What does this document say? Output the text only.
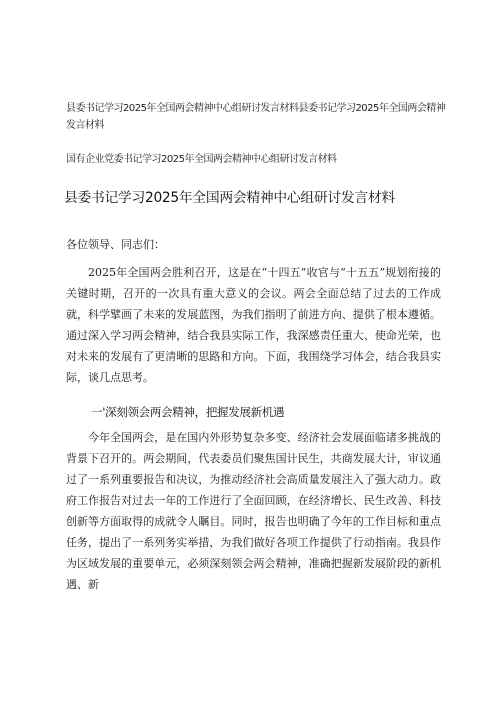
县委书记学习2025年全国两会精神中心组研讨发言材料县委书记学习2025年全国两会精神发言材料
国有企业党委书记学习2025年全国两会精神中心组研讨发言材料
县委书记学习2025年全国两会精神中心组研讨发言材料
各位领导、同志们：

2025年全国两会胜利召开，这是在“十四五”收官与“十五五”规划衔接的关键时期，召开的一次具有重大意义的会议。两会全面总结了过去的工作成就，科学擘画了未来的发展蓝图，为我们指明了前进方向、提供了根本遵循。通过深入学习两会精神，结合我县实际工作，我深感责任重大、使命光荣，也对未来的发展有了更清晰的思路和方向。下面，我围绕学习体会，结合我县实际，谈几点思考。

一'深刻领会两会精神，把握发展新机遇

今年全国两会，是在国内外形势复杂多变、经济社会发展面临诸多挑战的背景下召开的。两会期间，代表委员们聚焦国计民生，共商发展大计，审议通过了一系列重要报告和决议，为推动经济社会高质量发展注入了强大动力。政府工作报告对过去一年的工作进行了全面回顾，在经济增长、民生改善、科技创新等方面取得的成就令人瞩目。同时，报告也明确了今年的工作目标和重点任务，提出了一系列务实举措，为我们做好各项工作提供了行动指南。我县作为区域发展的重要单元，必须深刻领会两会精神，准确把握新发展阶段的新机遇、新
